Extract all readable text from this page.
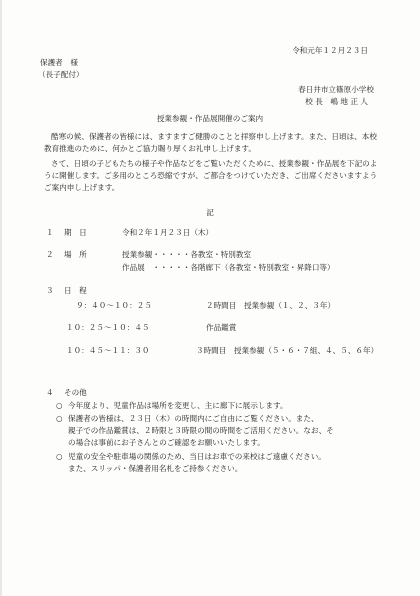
令和元年１２月２３日
保護者　様
（長子配付）
春日井市立篠原小学校
校 長　嶋 地 正 人
授業参観・作品展開催のご案内
酷寒の候、保護者の皆様には、ますますご健勝のことと拝察申し上げます。また、日頃は、本校教育推進のために、何かとご協力賜り厚くお礼申し上げます。
さて、日頃の子どもたちの様子や作品などをご覧いただくために、授業参観・作品展を下記のように開催します。ご多用のところ恐縮ですが、ご都合をつけていただき、ご出席くださいますようご案内申し上げます。
記
１ 期　日	令和２年１月２３日（木）
２ 場　所	授業参観・・・・・各教室・特別教室
作品展　・・・・・各階廊下（各教室・特別教室・昇降口等）
３ 日　程
９：４０～１０：２５	２時間目　授業参観（１、２、３年）
１０：２５～１０：４５	作品鑑賞
１０：４５～１１：３０	３時間目　授業参観（５・６・７組、４、５、６年）
４ その他
○ 今年度より、児童作品は場所を変更し、主に廊下に展示します。
○ 保護者の皆様は、２３日（木）の時間内にご自由にご覧ください。また、
親子での作品鑑賞は、２時限と３時限の間の時間をご活用ください。なお、そ
の場合は事前にお子さんとのご確認をお願いいたします。
○ 児童の安全や駐車場の関係のため、当日はお車での来校はご遠慮ください。
また、スリッパ・保護者用名札をご持参ください。
